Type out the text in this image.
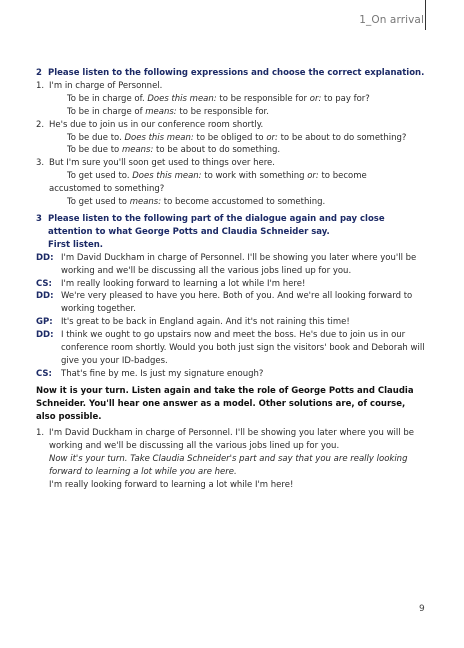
1_On arrival
2 Please listen to the following expressions and choose the correct explanation.
1. I'm in charge of Personnel.
To be in charge of. Does this mean: to be responsible for or: to pay for?
To be in charge of means: to be responsible for.
2. He's due to join us in our conference room shortly.
To be due to. Does this mean: to be obliged to or: to be about to do something?
To be due to means: to be about to do something.
3. But I'm sure you'll soon get used to things over here.
To get used to. Does this mean: to work with something or: to become
accustomed to something?
To get used to means: to become accustomed to something.
3 Please listen to the following part of the dialogue again and pay close attention to what George Potts and Claudia Schneider say.
First listen.
DD: I'm David Duckham in charge of Personnel. I'll be showing you later where you'll be working and we'll be discussing all the various jobs lined up for you.
CS:	I'm really looking forward to learning a lot while I'm here!
DD: We're very pleased to have you here. Both of you. And we're all looking forward to working together.
GP: It's great to be back in England again. And it's not raining this time!
DD: I think we ought to go upstairs now and meet the boss. He's due to join us in our conference room shortly. Would you both just sign the visitors' book and Deborah will give you your ID-badges.
CS:	That's fine by me. Is just my signature enough?
Now it is your turn. Listen again and take the role of George Potts and Claudia Schneider. You'll hear one answer as a model. Other solutions are, of course, also possible.
1. I'm David Duckham in charge of Personnel. I'll be showing you later where you will be working and we'll be discussing all the various jobs lined up for you.
Now it's your turn. Take Claudia Schneider's part and say that you are really looking forward to learning a lot while you are here.
I'm really looking forward to learning a lot while I'm here!
9
